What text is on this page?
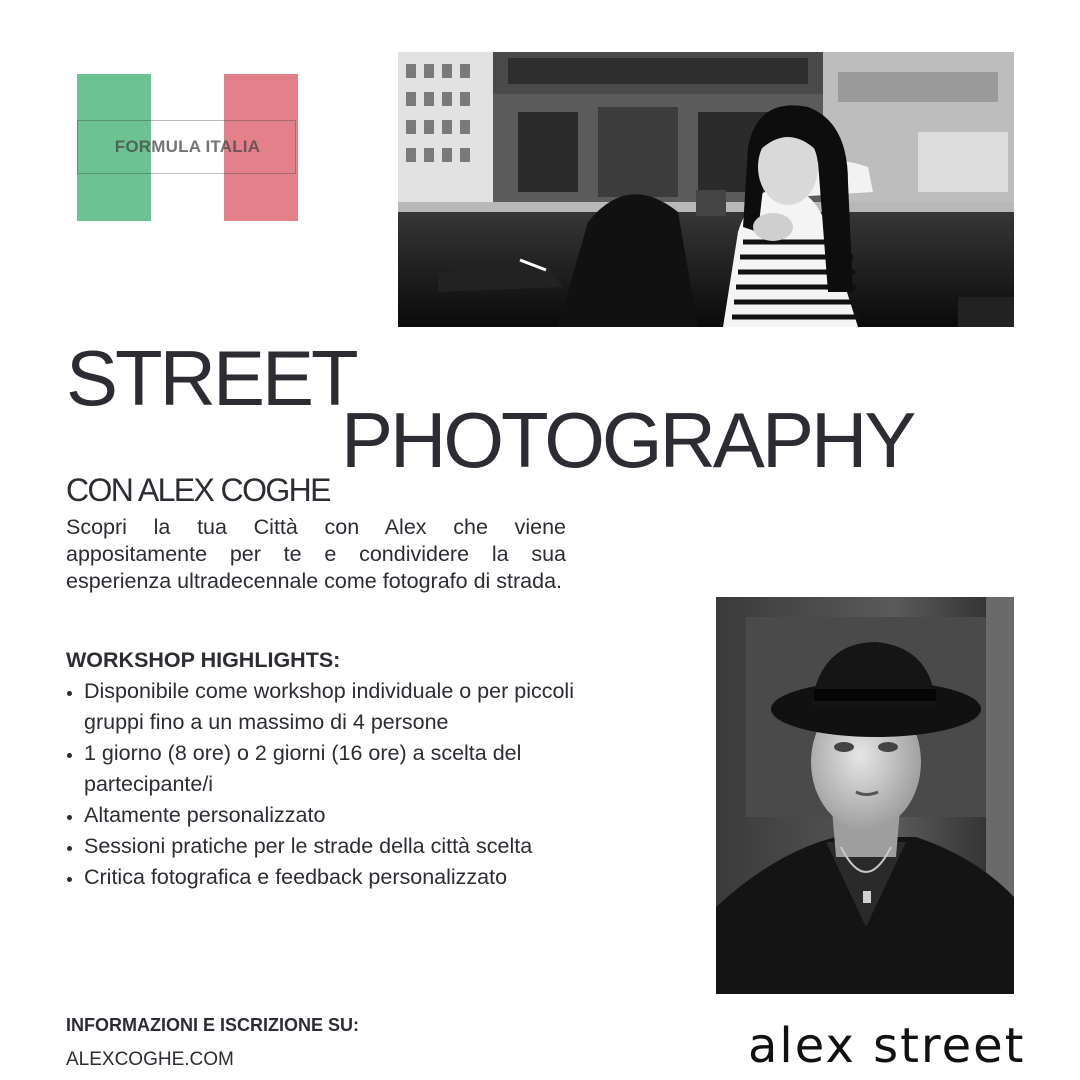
FORMULA ITALIA
STREET
PHOTOGRAPHY
CON ALEX COGHE
Scopri la tua Città con Alex che viene appositamente per te e condividere la sua esperienza ultradecennale come fotografo di strada.
WORKSHOP HIGHLIGHTS:
• Disponibile come workshop individuale o per piccoli gruppi fino a un massimo di 4 persone
• 1 giorno (8 ore) o 2 giorni (16 ore) a scelta del partecipante/i
• Altamente personalizzato
• Sessioni pratiche per le strade della città scelta
• Critica fotografica e feedback personalizzato
INFORMAZIONI E ISCRIZIONE SU:
ALEXCOGHE.COM	alex street
